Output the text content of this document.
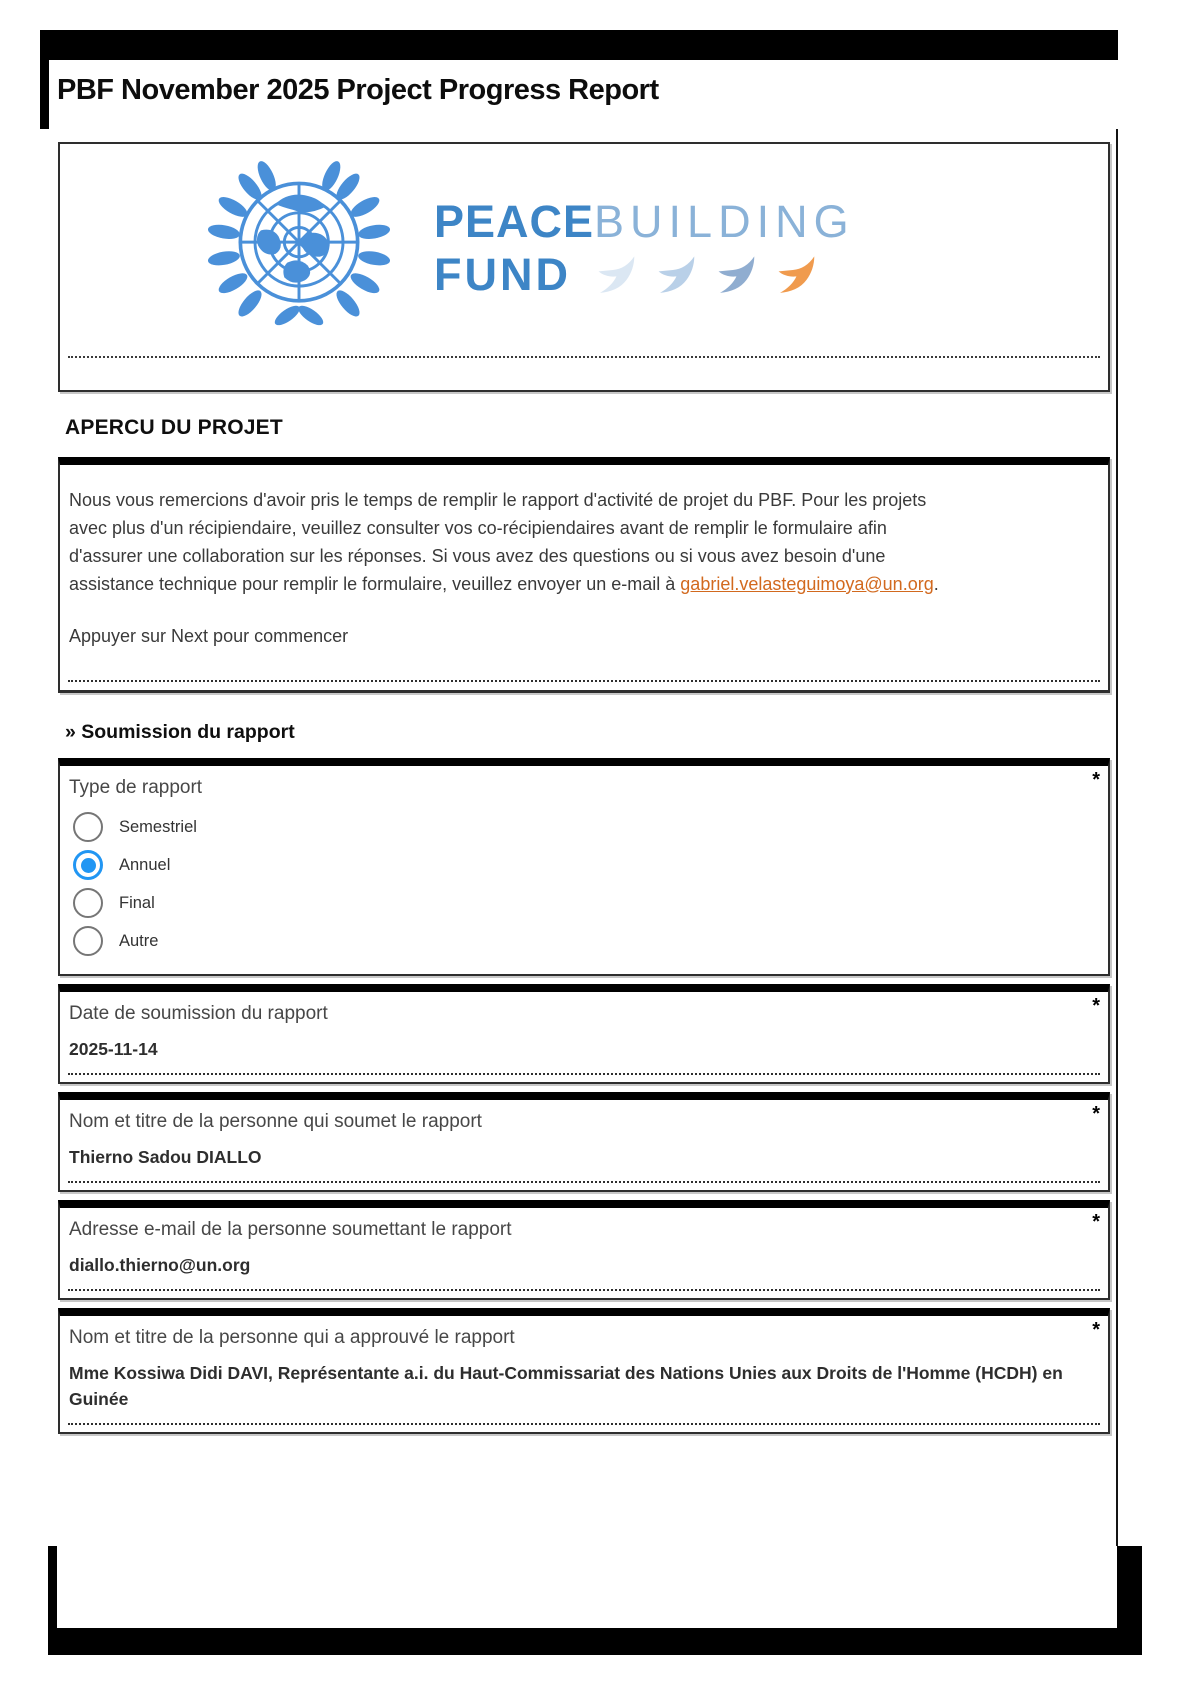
PBF November 2025 Project Progress Report
PEACEBUILDING
FUND
APERCU DU PROJET

Nous vous remercions d'avoir pris le temps de remplir le rapport d'activité de projet du PBF. Pour les projets avec plus d'un récipiendaire, veuillez consulter vos co-récipiendaires avant de remplir le formulaire afin d'assurer une collaboration sur les réponses. Si vous avez des questions ou si vous avez besoin d'une assistance technique pour remplir le formulaire, veuillez envoyer un e-mail à gabriel.velasteguimoya@un.org.

Appuyer sur Next pour commencer

» Soumission du rapport
*
Type de rapport
Semestriel
Annuel
Final
Autre
*
Date de soumission du rapport
2025-11-14
*
Nom et titre de la personne qui soumet le rapport
Thierno Sadou DIALLO
*
Adresse e-mail de la personne soumettant le rapport
diallo.thierno@un.org
*
Nom et titre de la personne qui a approuvé le rapport
Mme Kossiwa Didi DAVI, Représentante a.i. du Haut-Commissariat des Nations Unies aux Droits de l'Homme (HCDH) en Guinée
